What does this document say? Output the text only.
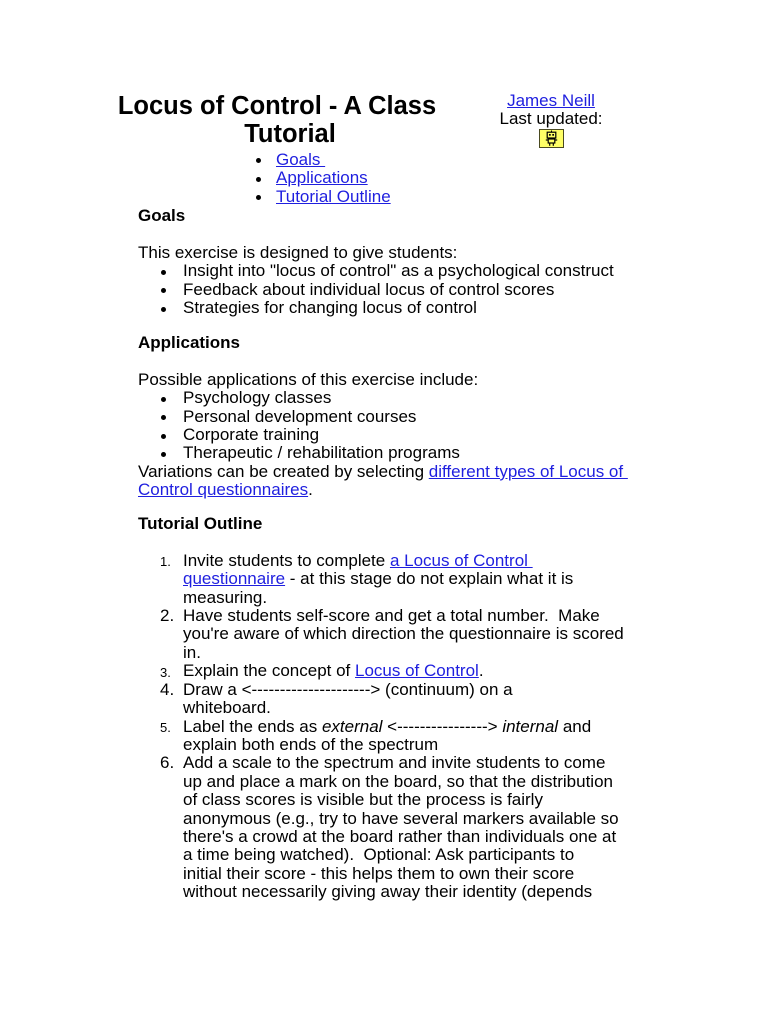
Locus of Control - A Class Tutorial
James Neill
Last updated:
Goals
Applications
Tutorial Outline
Goals

This exercise is designed to give students:

Insight into "locus of control" as a psychological construct
Feedback about individual locus of control scores
Strategies for changing locus of control
Applications

Possible applications of this exercise include:

Psychology classes
Personal development courses
Corporate training
Therapeutic / rehabilitation programs

Variations can be created by selecting different types of Locus of
Control questionnaires.

Tutorial Outline
1. Invite students to complete a Locus of Control
questionnaire - at this stage do not explain what it is
measuring.
2. Have students self-score and get a total number.  Make
you're aware of which direction the questionnaire is scored
in.
3. Explain the concept of Locus of Control.
4. Draw a <---------------------> (continuum) on a
whiteboard.
5. Label the ends as external <----------------> internal and
explain both ends of the spectrum
6. Add a scale to the spectrum and invite students to come
up and place a mark on the board, so that the distribution
of class scores is visible but the process is fairly
anonymous (e.g., try to have several markers available so
there's a crowd at the board rather than individuals one at
a time being watched).  Optional: Ask participants to
initial their score - this helps them to own their score
without necessarily giving away their identity (depends
